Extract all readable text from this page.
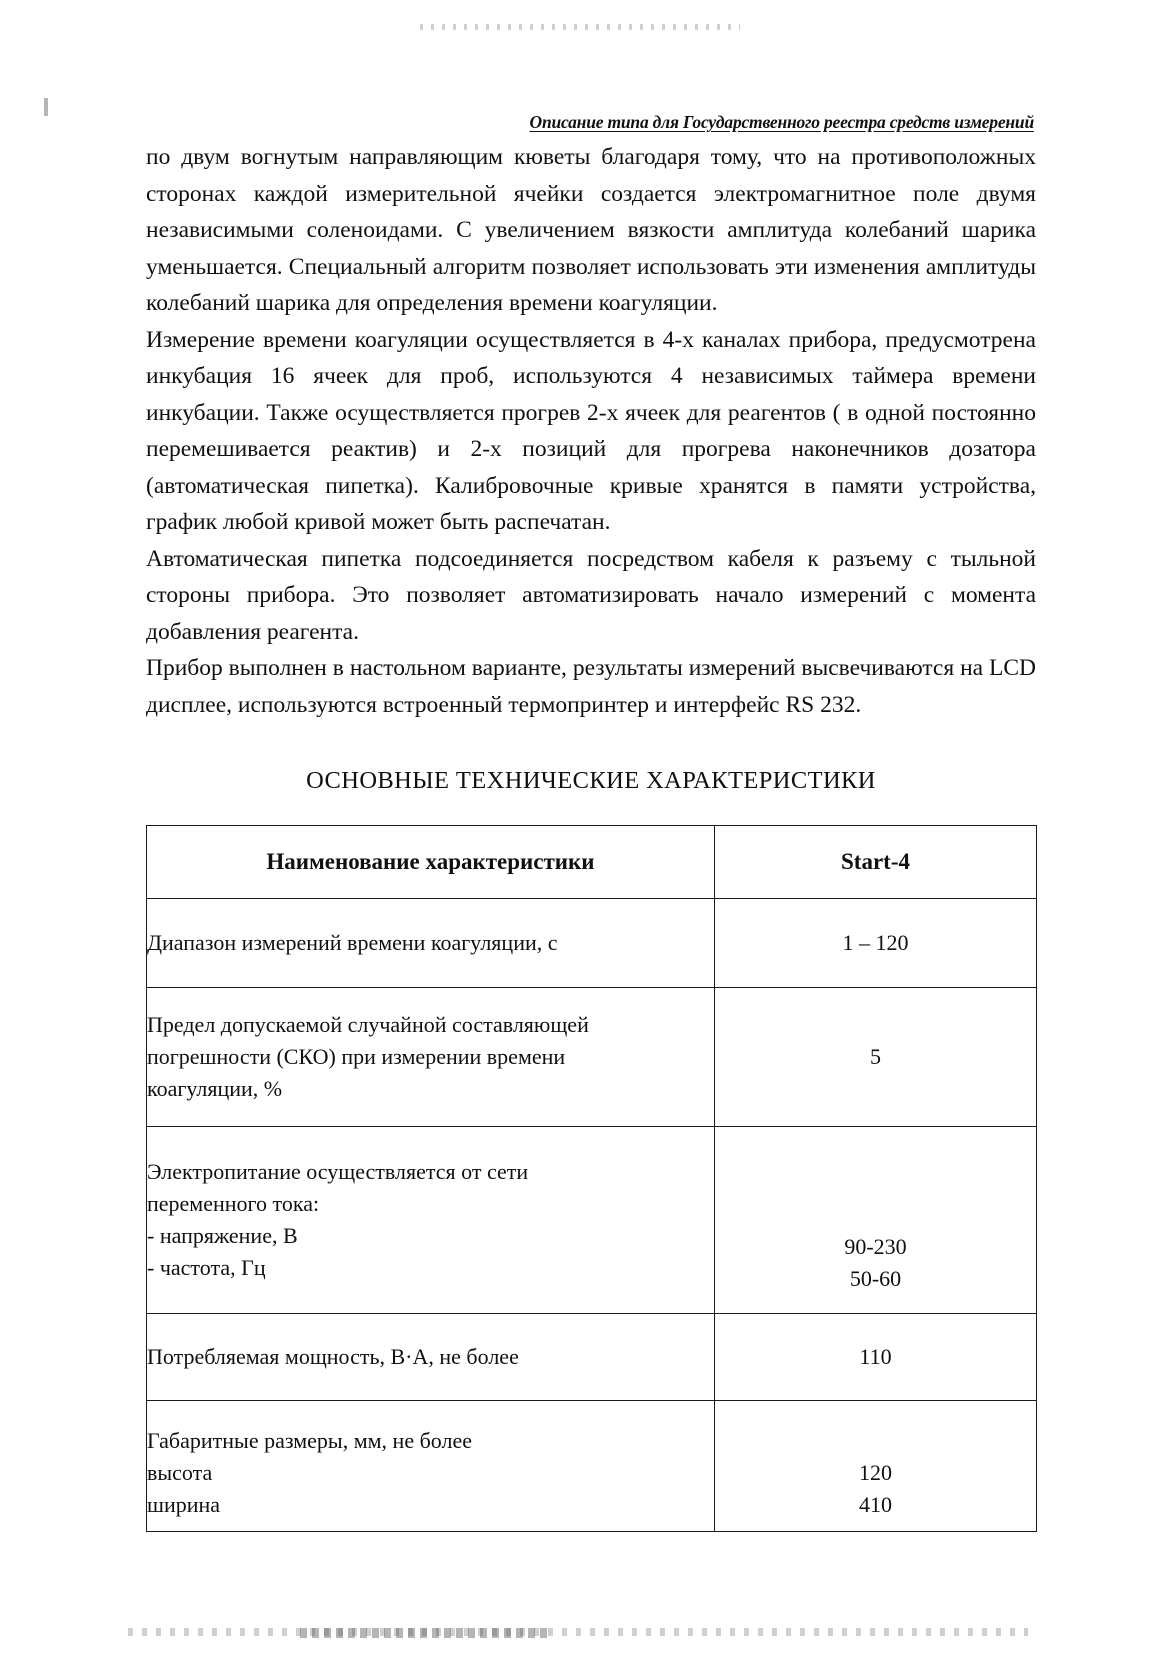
Описание типа для Государственного реестра средств измерений

по двум вогнутым направляющим кюветы благодаря тому, что на противоположных сторонах каждой измерительной ячейки создается электромагнитное поле двумя независимыми соленоидами. С увеличением вязкости амплитуда колебаний шарика уменьшается. Специальный алгоритм позволяет использовать эти изменения амплитуды колебаний шарика для определения времени коагуляции.

Измерение времени коагуляции осуществляется в 4-х каналах прибора, предусмотрена инкубация 16 ячеек для проб, используются 4 независимых таймера времени инкубации. Также осуществляется прогрев 2-х ячеек для реагентов ( в одной постоянно перемешивается реактив) и 2-х позиций для прогрева наконечников дозатора (автоматическая пипетка). Калибровочные кривые хранятся в памяти устройства, график любой кривой может быть распечатан.

Автоматическая пипетка подсоединяется посредством кабеля к разъему с тыльной стороны прибора. Это позволяет автоматизировать начало измерений с момента добавления реагента.

Прибор выполнен в настольном варианте, результаты измерений высвечиваются на LCD дисплее, используются встроенный термопринтер и интерфейс RS 232.

ОСНОВНЫЕ ТЕХНИЧЕСКИЕ ХАРАКТЕРИСТИКИ
Наименование характеристики	Start-4

Диапазон измерений времени коагуляции, с	1 – 120

Предел допускаемой случайной составляющей
погрешности (СКО) при измерении времени
коагуляции, %	5

Электропитание осуществляется от сети
переменного тока:
- напряжение, В
- частота, Гц	90-230
50-60

Потребляемая мощность, В·А, не более	110

Габаритные размеры, мм, не более
высота
ширина	120
410
